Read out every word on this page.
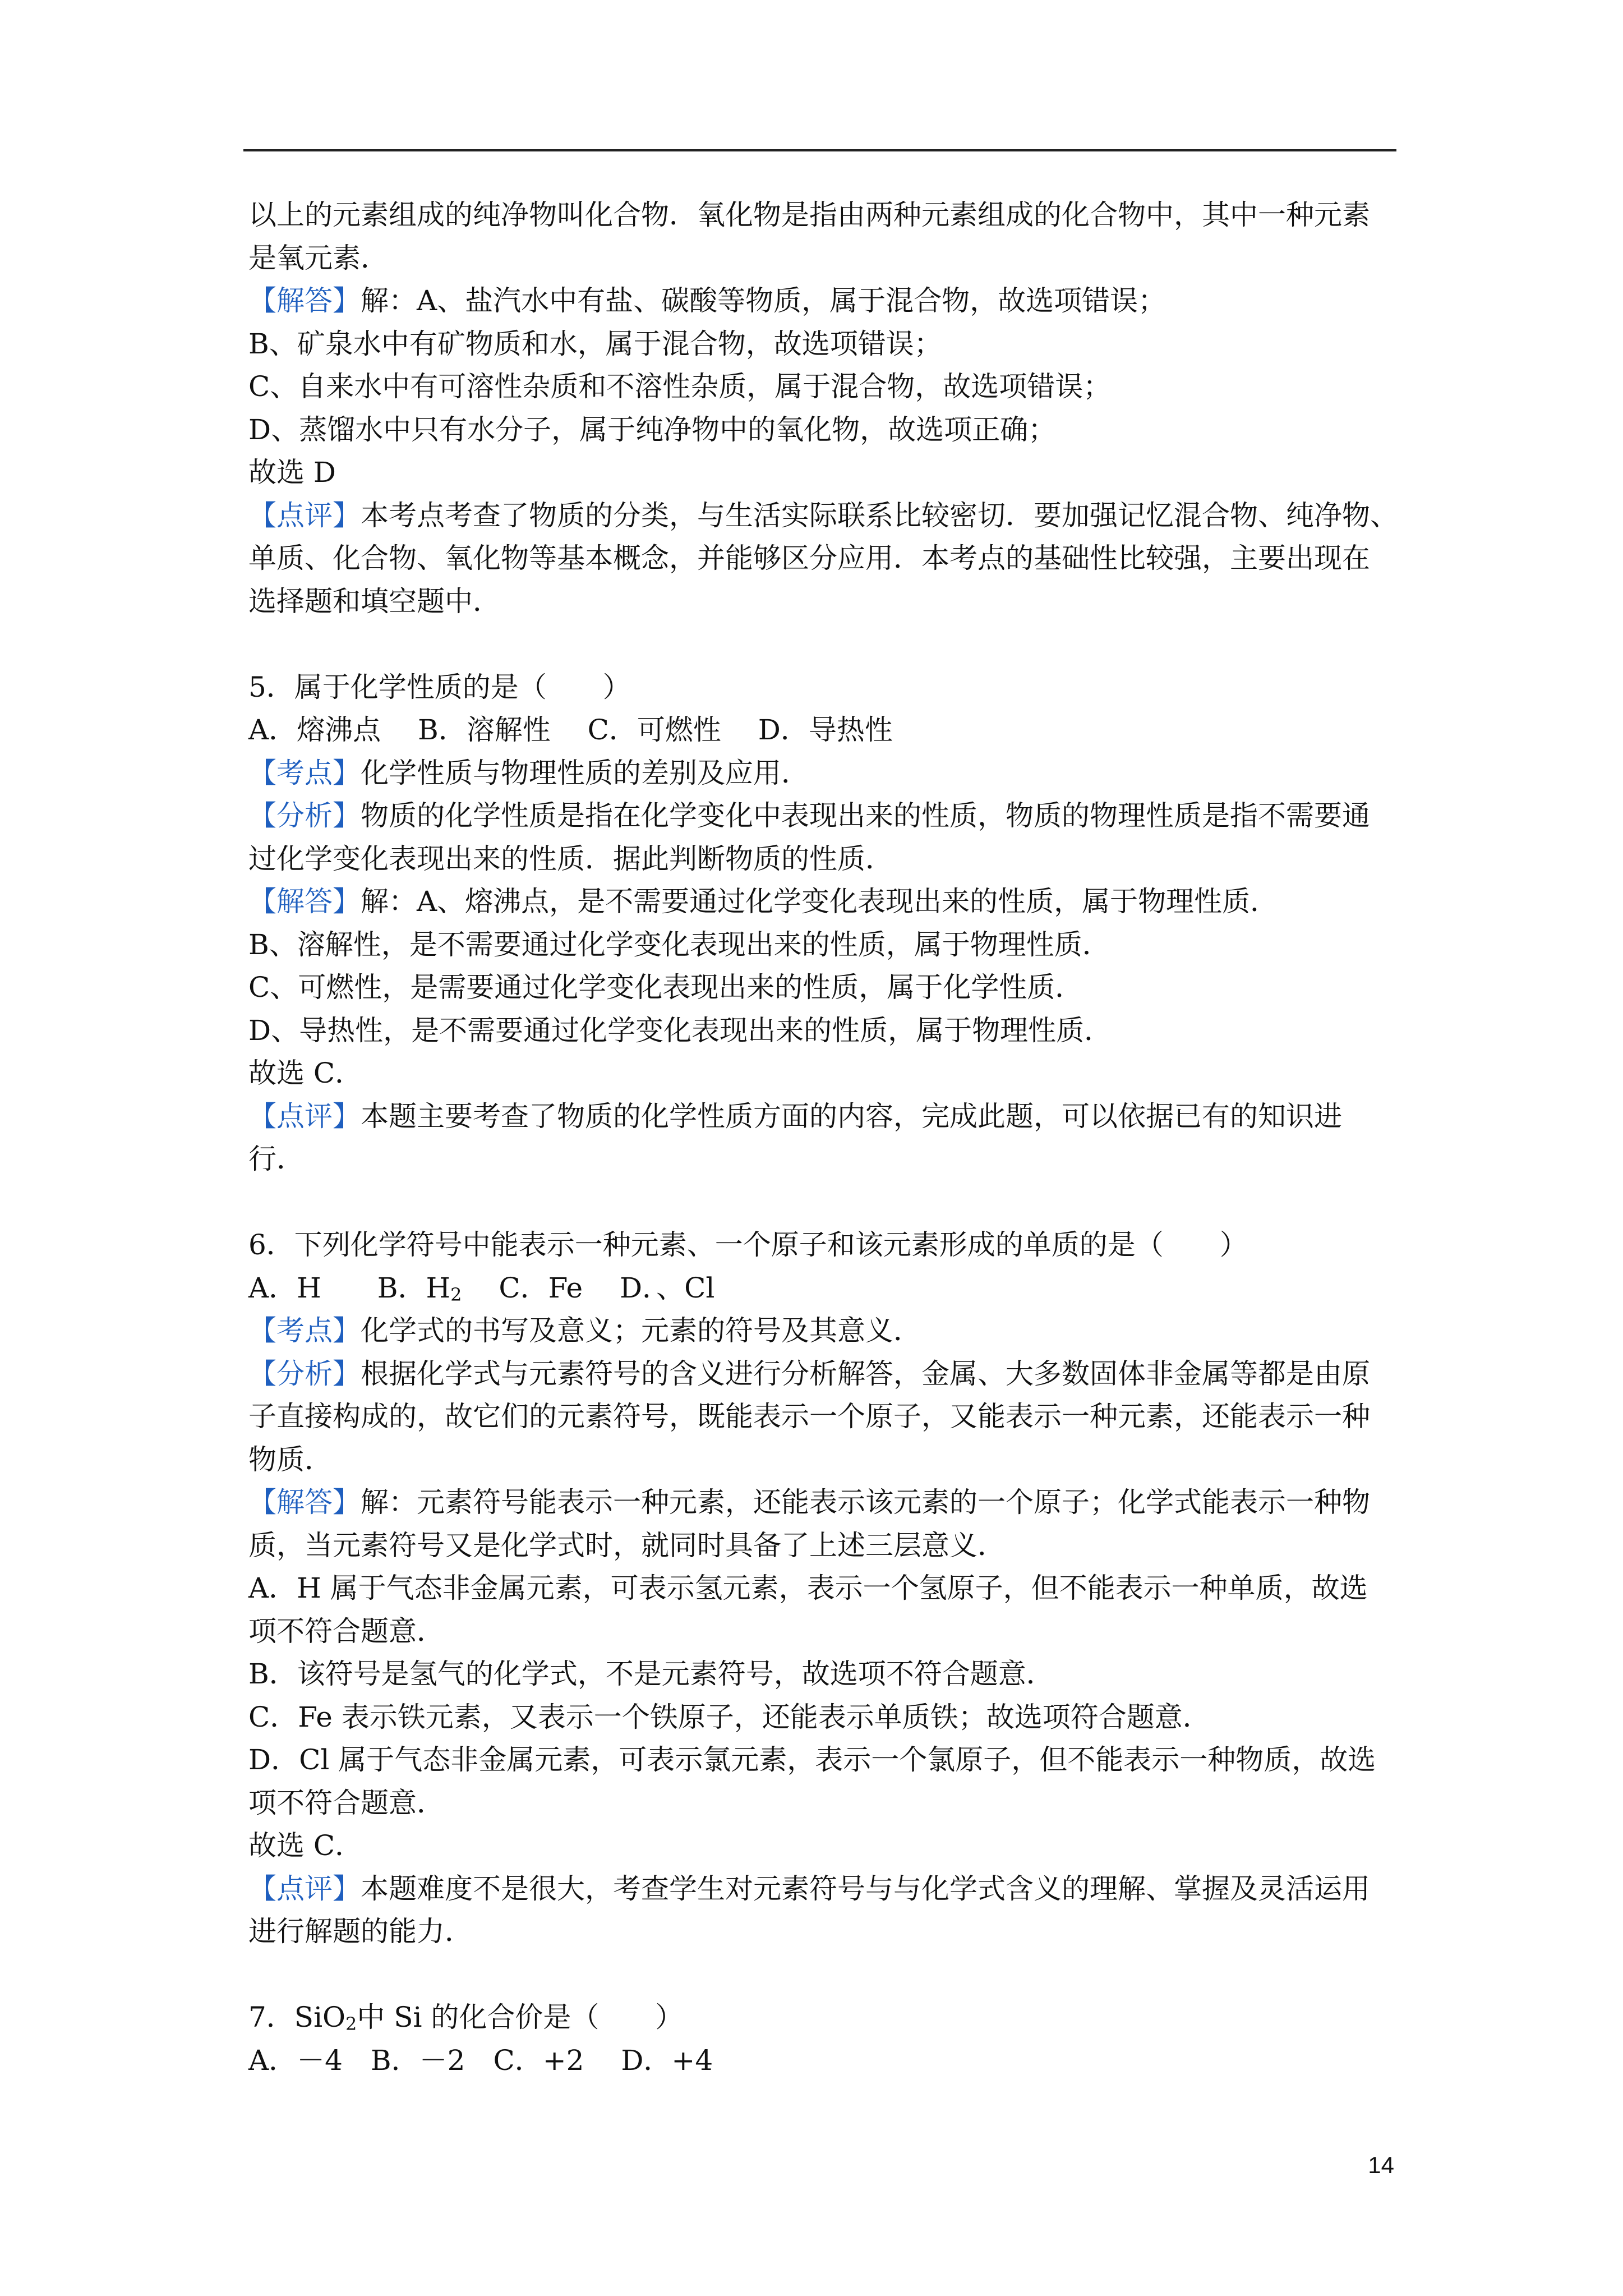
以上的元素组成的纯净物叫化合物．氧化物是指由两种元素组成的化合物中，其中一种元素
是氧元素．
【解答】解：A、盐汽水中有盐、碳酸等物质，属于混合物，故选项错误；
B、矿泉水中有矿物质和水，属于混合物，故选项错误；
C、自来水中有可溶性杂质和不溶性杂质，属于混合物，故选项错误；
D、蒸馏水中只有水分子，属于纯净物中的氧化物，故选项正确；
故选 D
【点评】本考点考查了物质的分类，与生活实际联系比较密切．要加强记忆混合物、纯净物、
单质、化合物、氧化物等基本概念，并能够区分应用．本考点的基础性比较强，主要出现在
选择题和填空题中．
5．属于化学性质的是（　　）
A．熔沸点　 B．溶解性　 C．可燃性　 D．导热性
【考点】化学性质与物理性质的差别及应用．
【分析】物质的化学性质是指在化学变化中表现出来的性质，物质的物理性质是指不需要通
过化学变化表现出来的性质．据此判断物质的性质．
【解答】解：A、熔沸点，是不需要通过化学变化表现出来的性质，属于物理性质．
B、溶解性，是不需要通过化学变化表现出来的性质，属于物理性质．
C、可燃性，是需要通过化学变化表现出来的性质，属于化学性质．
D、导热性，是不需要通过化学变化表现出来的性质，属于物理性质．
故选 C．
【点评】本题主要考查了物质的化学性质方面的内容，完成此题，可以依据已有的知识进
行．
6．下列化学符号中能表示一种元素、一个原子和该元素形成的单质的是（　　）
A．H　　B．$H_2$　 C．Fe　 D．、Cl
【考点】化学式的书写及意义；元素的符号及其意义．
【分析】根据化学式与元素符号的含义进行分析解答，金属、大多数固体非金属等都是由原
子直接构成的，故它们的元素符号，既能表示一个原子，又能表示一种元素，还能表示一种
物质．
【解答】解：元素符号能表示一种元素，还能表示该元素的一个原子；化学式能表示一种物
质，当元素符号又是化学式时，就同时具备了上述三层意义．
A．H 属于气态非金属元素，可表示氢元素，表示一个氢原子，但不能表示一种单质，故选
项不符合题意．
B．该符号是氢气的化学式，不是元素符号，故选项不符合题意．
C．Fe 表示铁元素，又表示一个铁原子，还能表示单质铁；故选项符合题意．
D．Cl 属于气态非金属元素，可表示氯元素，表示一个氯原子，但不能表示一种物质，故选
项不符合题意．
故选 C．
【点评】本题难度不是很大，考查学生对元素符号与与化学式含义的理解、掌握及灵活运用
进行解题的能力．
7．SiO$_2$中 Si 的化合价是（　　）
A．－4　B．－2　C．+2　 D．+4
14
